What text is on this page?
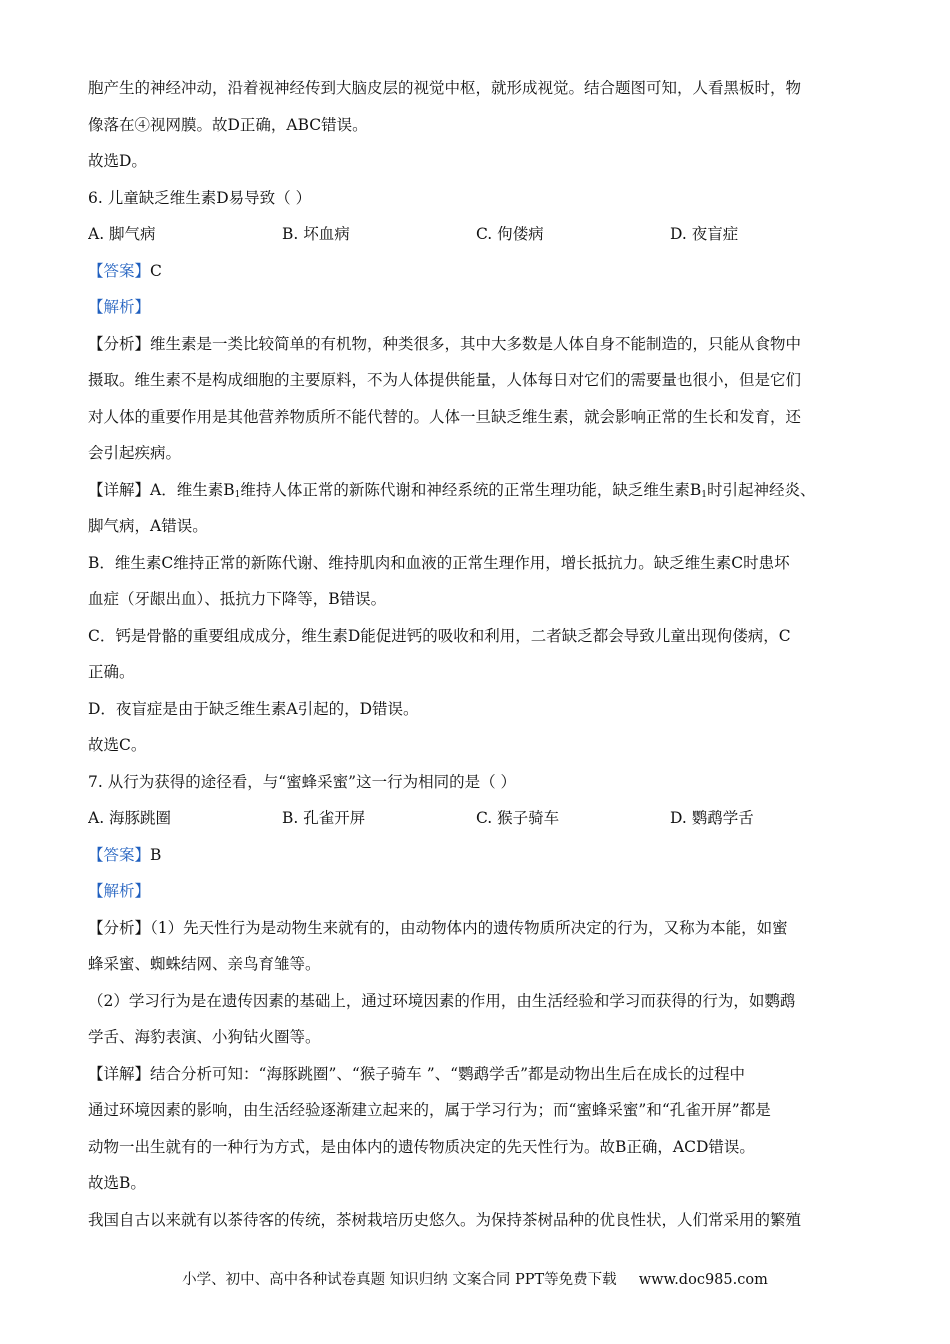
胞产生的神经冲动，沿着视神经传到大脑皮层的视觉中枢，就形成视觉。结合题图可知，人看黑板时，物
像落在④视网膜。故D正确，ABC错误。
故选D。
6. 儿童缺乏维生素D易导致（ ）
A. 脚气病	B. 坏血病	C. 佝偻病	D. 夜盲症
【答案】C
【解析】
【分析】维生素是一类比较简单的有机物，种类很多，其中大多数是人体自身不能制造的，只能从食物中
摄取。维生素不是构成细胞的主要原料，不为人体提供能量，人体每日对它们的需要量也很小，但是它们
对人体的重要作用是其他营养物质所不能代替的。人体一旦缺乏维生素，就会影响正常的生长和发育，还
会引起疾病。
【详解】A．维生素$B_1$维持人体正常的新陈代谢和神经系统的正常生理功能，缺乏维生素$B_1$时引起神经炎、
脚气病，A错误。
B．维生素C维持正常的新陈代谢、维持肌肉和血液的正常生理作用，增长抵抗力。缺乏维生素C时患坏
血症（牙龈出血）、抵抗力下降等，B错误。
C．钙是骨骼的重要组成成分，维生素D能促进钙的吸收和利用，二者缺乏都会导致儿童出现佝偻病，C
正确。
D．夜盲症是由于缺乏维生素A引起的，D错误。
故选C。
7. 从行为获得的途径看，与“蜜蜂采蜜”这一行为相同的是（ ）
A. 海豚跳圈	B. 孔雀开屏	C. 猴子骑车	D. 鹦鹉学舌
【答案】B
【解析】
【分析】（1）先天性行为是动物生来就有的，由动物体内的遗传物质所决定的行为，又称为本能，如蜜
蜂采蜜、蜘蛛结网、亲鸟育雏等。
（2）学习行为是在遗传因素的基础上，通过环境因素的作用，由生活经验和学习而获得的行为，如鹦鹉
学舌、海豹表演、小狗钻火圈等。
【详解】结合分析可知：“海豚跳圈”、“猴子骑车 ”、“鹦鹉学舌”都是动物出生后在成长的过程中
通过环境因素的影响，由生活经验逐渐建立起来的，属于学习行为；而“蜜蜂采蜜”和“孔雀开屏”都是
动物一出生就有的一种行为方式，是由体内的遗传物质决定的先天性行为。故B正确，ACD错误。
故选B。
我国自古以来就有以茶待客的传统，茶树栽培历史悠久。为保持茶树品种的优良性状，人们常采用的繁殖
小学、初中、高中各种试卷真题 知识归纳 文案合同 PPT等免费下载 www.doc985.com
